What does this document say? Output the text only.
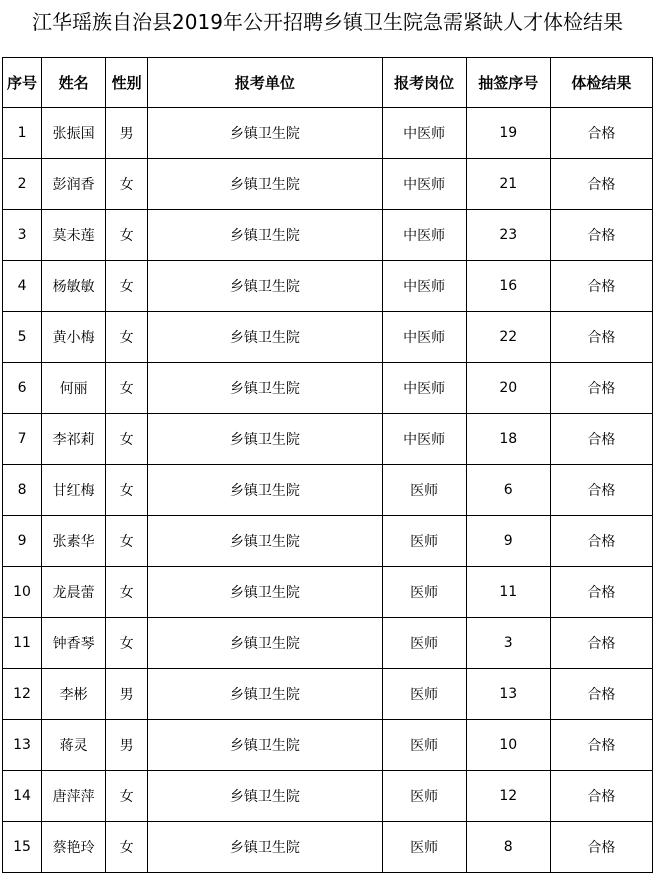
江华瑶族自治县2019年公开招聘乡镇卫生院急需紧缺人才体检结果
序号	姓名	性别	报考单位	报考岗位	抽签序号	体检结果
1	张振国	男	乡镇卫生院	中医师	19	合格
2	彭润香	女	乡镇卫生院	中医师	21	合格
3	莫未莲	女	乡镇卫生院	中医师	23	合格
4	杨敏敏	女	乡镇卫生院	中医师	16	合格
5	黄小梅	女	乡镇卫生院	中医师	22	合格
6	何丽	女	乡镇卫生院	中医师	20	合格
7	李祁莉	女	乡镇卫生院	中医师	18	合格
8	甘红梅	女	乡镇卫生院	医师	6	合格
9	张素华	女	乡镇卫生院	医师	9	合格
10	龙晨蕾	女	乡镇卫生院	医师	11	合格
11	钟香琴	女	乡镇卫生院	医师	3	合格
12	李彬	男	乡镇卫生院	医师	13	合格
13	蒋灵	男	乡镇卫生院	医师	10	合格
14	唐萍萍	女	乡镇卫生院	医师	12	合格
15	蔡艳玲	女	乡镇卫生院	医师	8	合格
